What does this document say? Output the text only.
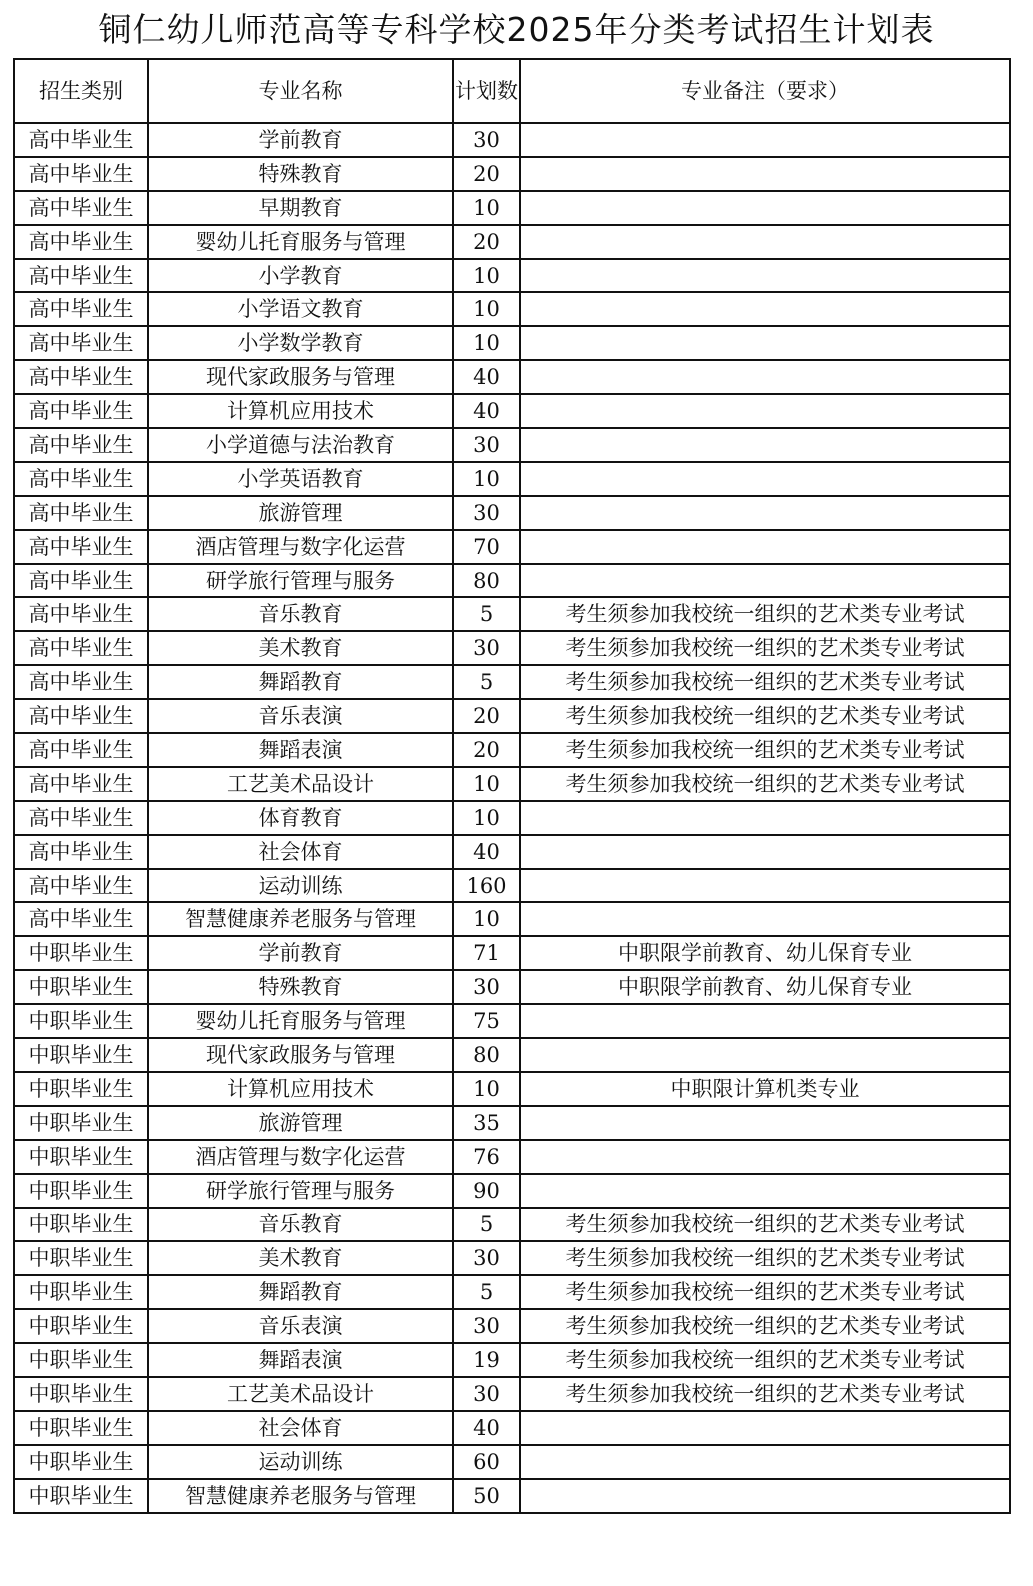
铜仁幼儿师范高等专科学校2025年分类考试招生计划表
招生类别	专业名称	计划数	专业备注（要求）
高中毕业生	学前教育	30	
高中毕业生	特殊教育	20	
高中毕业生	早期教育	10	
高中毕业生	婴幼儿托育服务与管理	20	
高中毕业生	小学教育	10	
高中毕业生	小学语文教育	10	
高中毕业生	小学数学教育	10	
高中毕业生	现代家政服务与管理	40	
高中毕业生	计算机应用技术	40	
高中毕业生	小学道德与法治教育	30	
高中毕业生	小学英语教育	10	
高中毕业生	旅游管理	30	
高中毕业生	酒店管理与数字化运营	70	
高中毕业生	研学旅行管理与服务	80	
高中毕业生	音乐教育	5	考生须参加我校统一组织的艺术类专业考试
高中毕业生	美术教育	30	考生须参加我校统一组织的艺术类专业考试
高中毕业生	舞蹈教育	5	考生须参加我校统一组织的艺术类专业考试
高中毕业生	音乐表演	20	考生须参加我校统一组织的艺术类专业考试
高中毕业生	舞蹈表演	20	考生须参加我校统一组织的艺术类专业考试
高中毕业生	工艺美术品设计	10	考生须参加我校统一组织的艺术类专业考试
高中毕业生	体育教育	10	
高中毕业生	社会体育	40	
高中毕业生	运动训练	160	
高中毕业生	智慧健康养老服务与管理	10	
中职毕业生	学前教育	71	中职限学前教育、幼儿保育专业
中职毕业生	特殊教育	30	中职限学前教育、幼儿保育专业
中职毕业生	婴幼儿托育服务与管理	75	
中职毕业生	现代家政服务与管理	80	
中职毕业生	计算机应用技术	10	中职限计算机类专业
中职毕业生	旅游管理	35	
中职毕业生	酒店管理与数字化运营	76	
中职毕业生	研学旅行管理与服务	90	
中职毕业生	音乐教育	5	考生须参加我校统一组织的艺术类专业考试
中职毕业生	美术教育	30	考生须参加我校统一组织的艺术类专业考试
中职毕业生	舞蹈教育	5	考生须参加我校统一组织的艺术类专业考试
中职毕业生	音乐表演	30	考生须参加我校统一组织的艺术类专业考试
中职毕业生	舞蹈表演	19	考生须参加我校统一组织的艺术类专业考试
中职毕业生	工艺美术品设计	30	考生须参加我校统一组织的艺术类专业考试
中职毕业生	社会体育	40	
中职毕业生	运动训练	60	
中职毕业生	智慧健康养老服务与管理	50	
